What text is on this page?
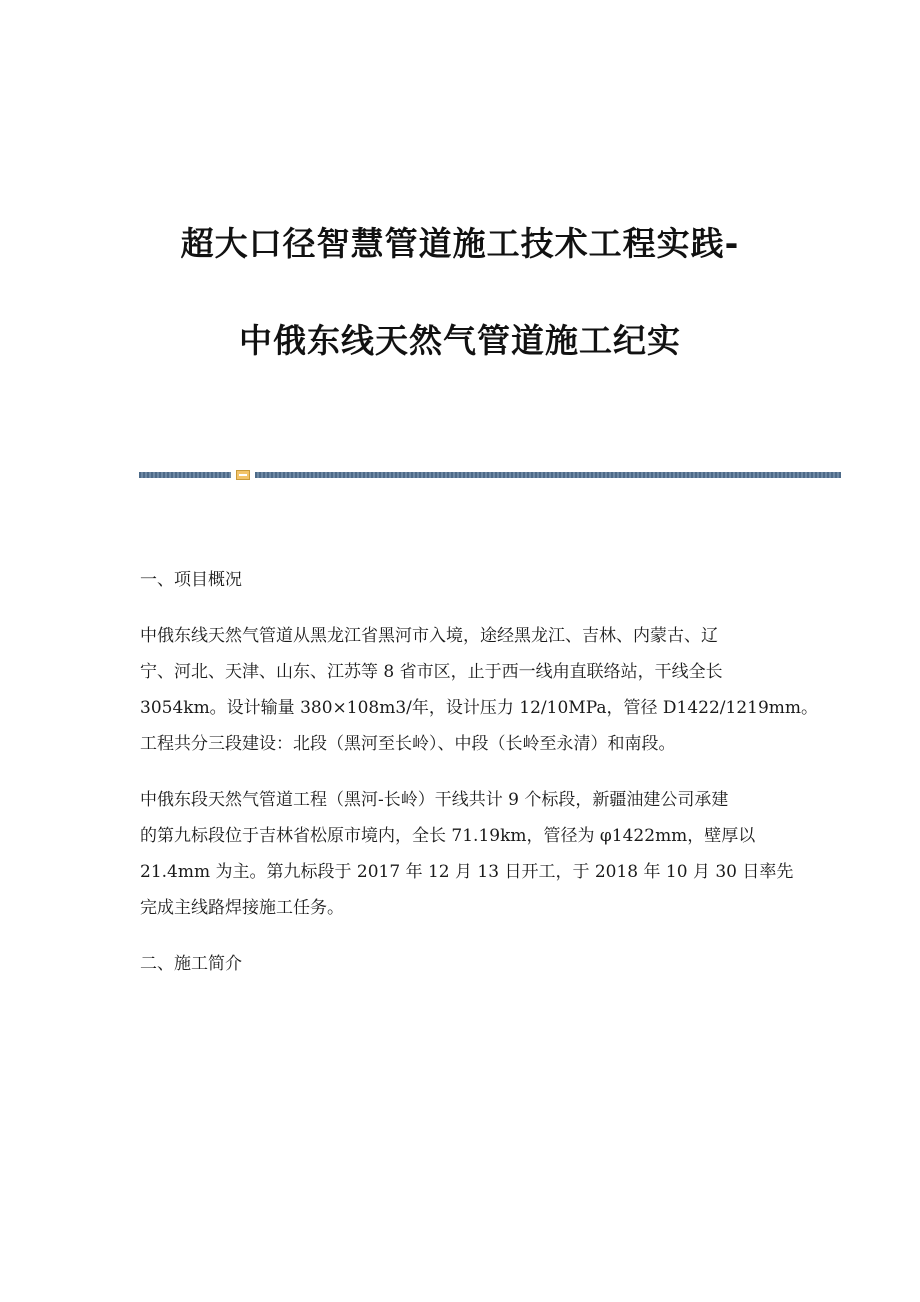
超大口径智慧管道施工技术工程实践-
中俄东线天然气管道施工纪实
一、项目概况
中俄东线天然气管道从黑龙江省黑河市入境，途经黑龙江、吉林、内蒙古、辽
宁、河北、天津、山东、江苏等 8 省市区，止于西一线甪直联络站，干线全长
3054km。设计输量 380×108m3/年，设计压力 12/10MPa，管径 D1422/1219mm。
工程共分三段建设：北段（黑河至长岭）、中段（长岭至永清）和南段。
中俄东段天然气管道工程（黑河-长岭）干线共计 9 个标段，新疆油建公司承建
的第九标段位于吉林省松原市境内，全长 71.19km，管径为 φ1422mm，壁厚以
21.4mm 为主。第九标段于 2017 年 12 月 13 日开工，于 2018 年 10 月 30 日率先
完成主线路焊接施工任务。
二、施工简介
